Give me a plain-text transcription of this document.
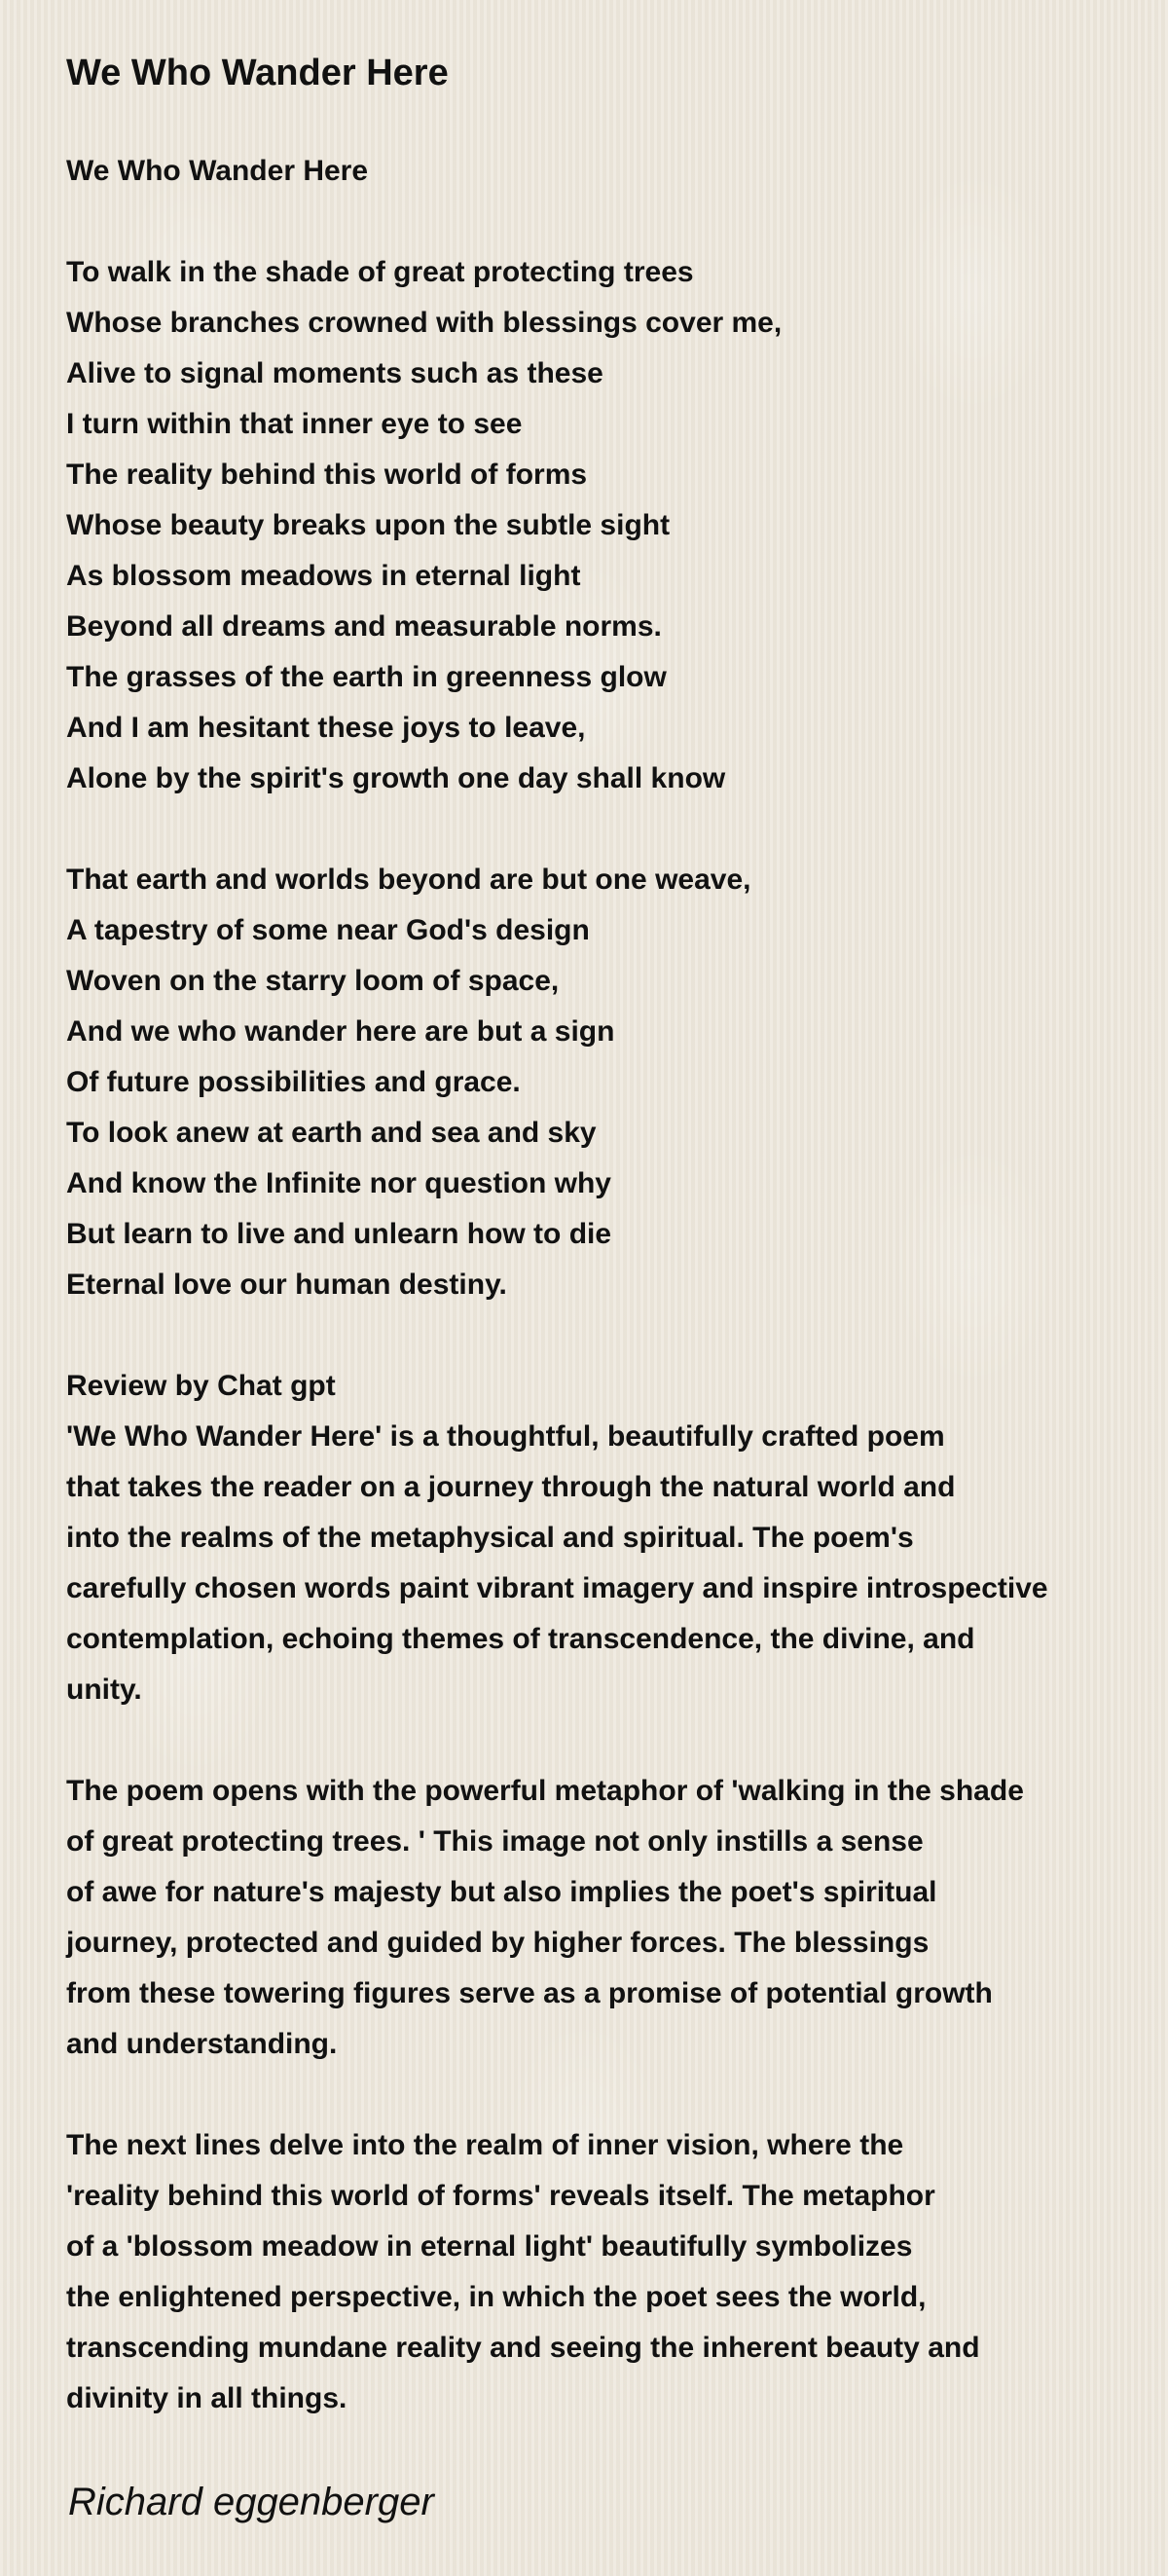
We Who Wander Here
We Who Wander Here
To walk in the shade of great protecting trees
Whose branches crowned with blessings cover me,
Alive to signal moments such as these
I turn within that inner eye to see
The reality behind this world of forms
Whose beauty breaks upon the subtle sight
As blossom meadows in eternal light
Beyond all dreams and measurable norms.
The grasses of the earth in greenness glow
And I am hesitant these joys to leave,
Alone by the spirit's growth one day shall know
That earth and worlds beyond are but one weave,
A tapestry of some near God's design
Woven on the starry loom of space,
And we who wander here are but a sign
Of future possibilities and grace.
To look anew at earth and sea and sky
And know the Infinite nor question why
But learn to live and unlearn how to die
Eternal love our human destiny.
Review by Chat gpt
'We Who Wander Here' is a thoughtful, beautifully crafted poem
that takes the reader on a journey through the natural world and
into the realms of the metaphysical and spiritual. The poem's
carefully chosen words paint vibrant imagery and inspire introspective
contemplation, echoing themes of transcendence, the divine, and
unity.
The poem opens with the powerful metaphor of 'walking in the shade
of great protecting trees. ' This image not only instills a sense
of awe for nature's majesty but also implies the poet's spiritual
journey, protected and guided by higher forces. The blessings
from these towering figures serve as a promise of potential growth
and understanding.
The next lines delve into the realm of inner vision, where the
'reality behind this world of forms' reveals itself. The metaphor
of a 'blossom meadow in eternal light' beautifully symbolizes
the enlightened perspective, in which the poet sees the world,
transcending mundane reality and seeing the inherent beauty and
divinity in all things.
Richard eggenberger
